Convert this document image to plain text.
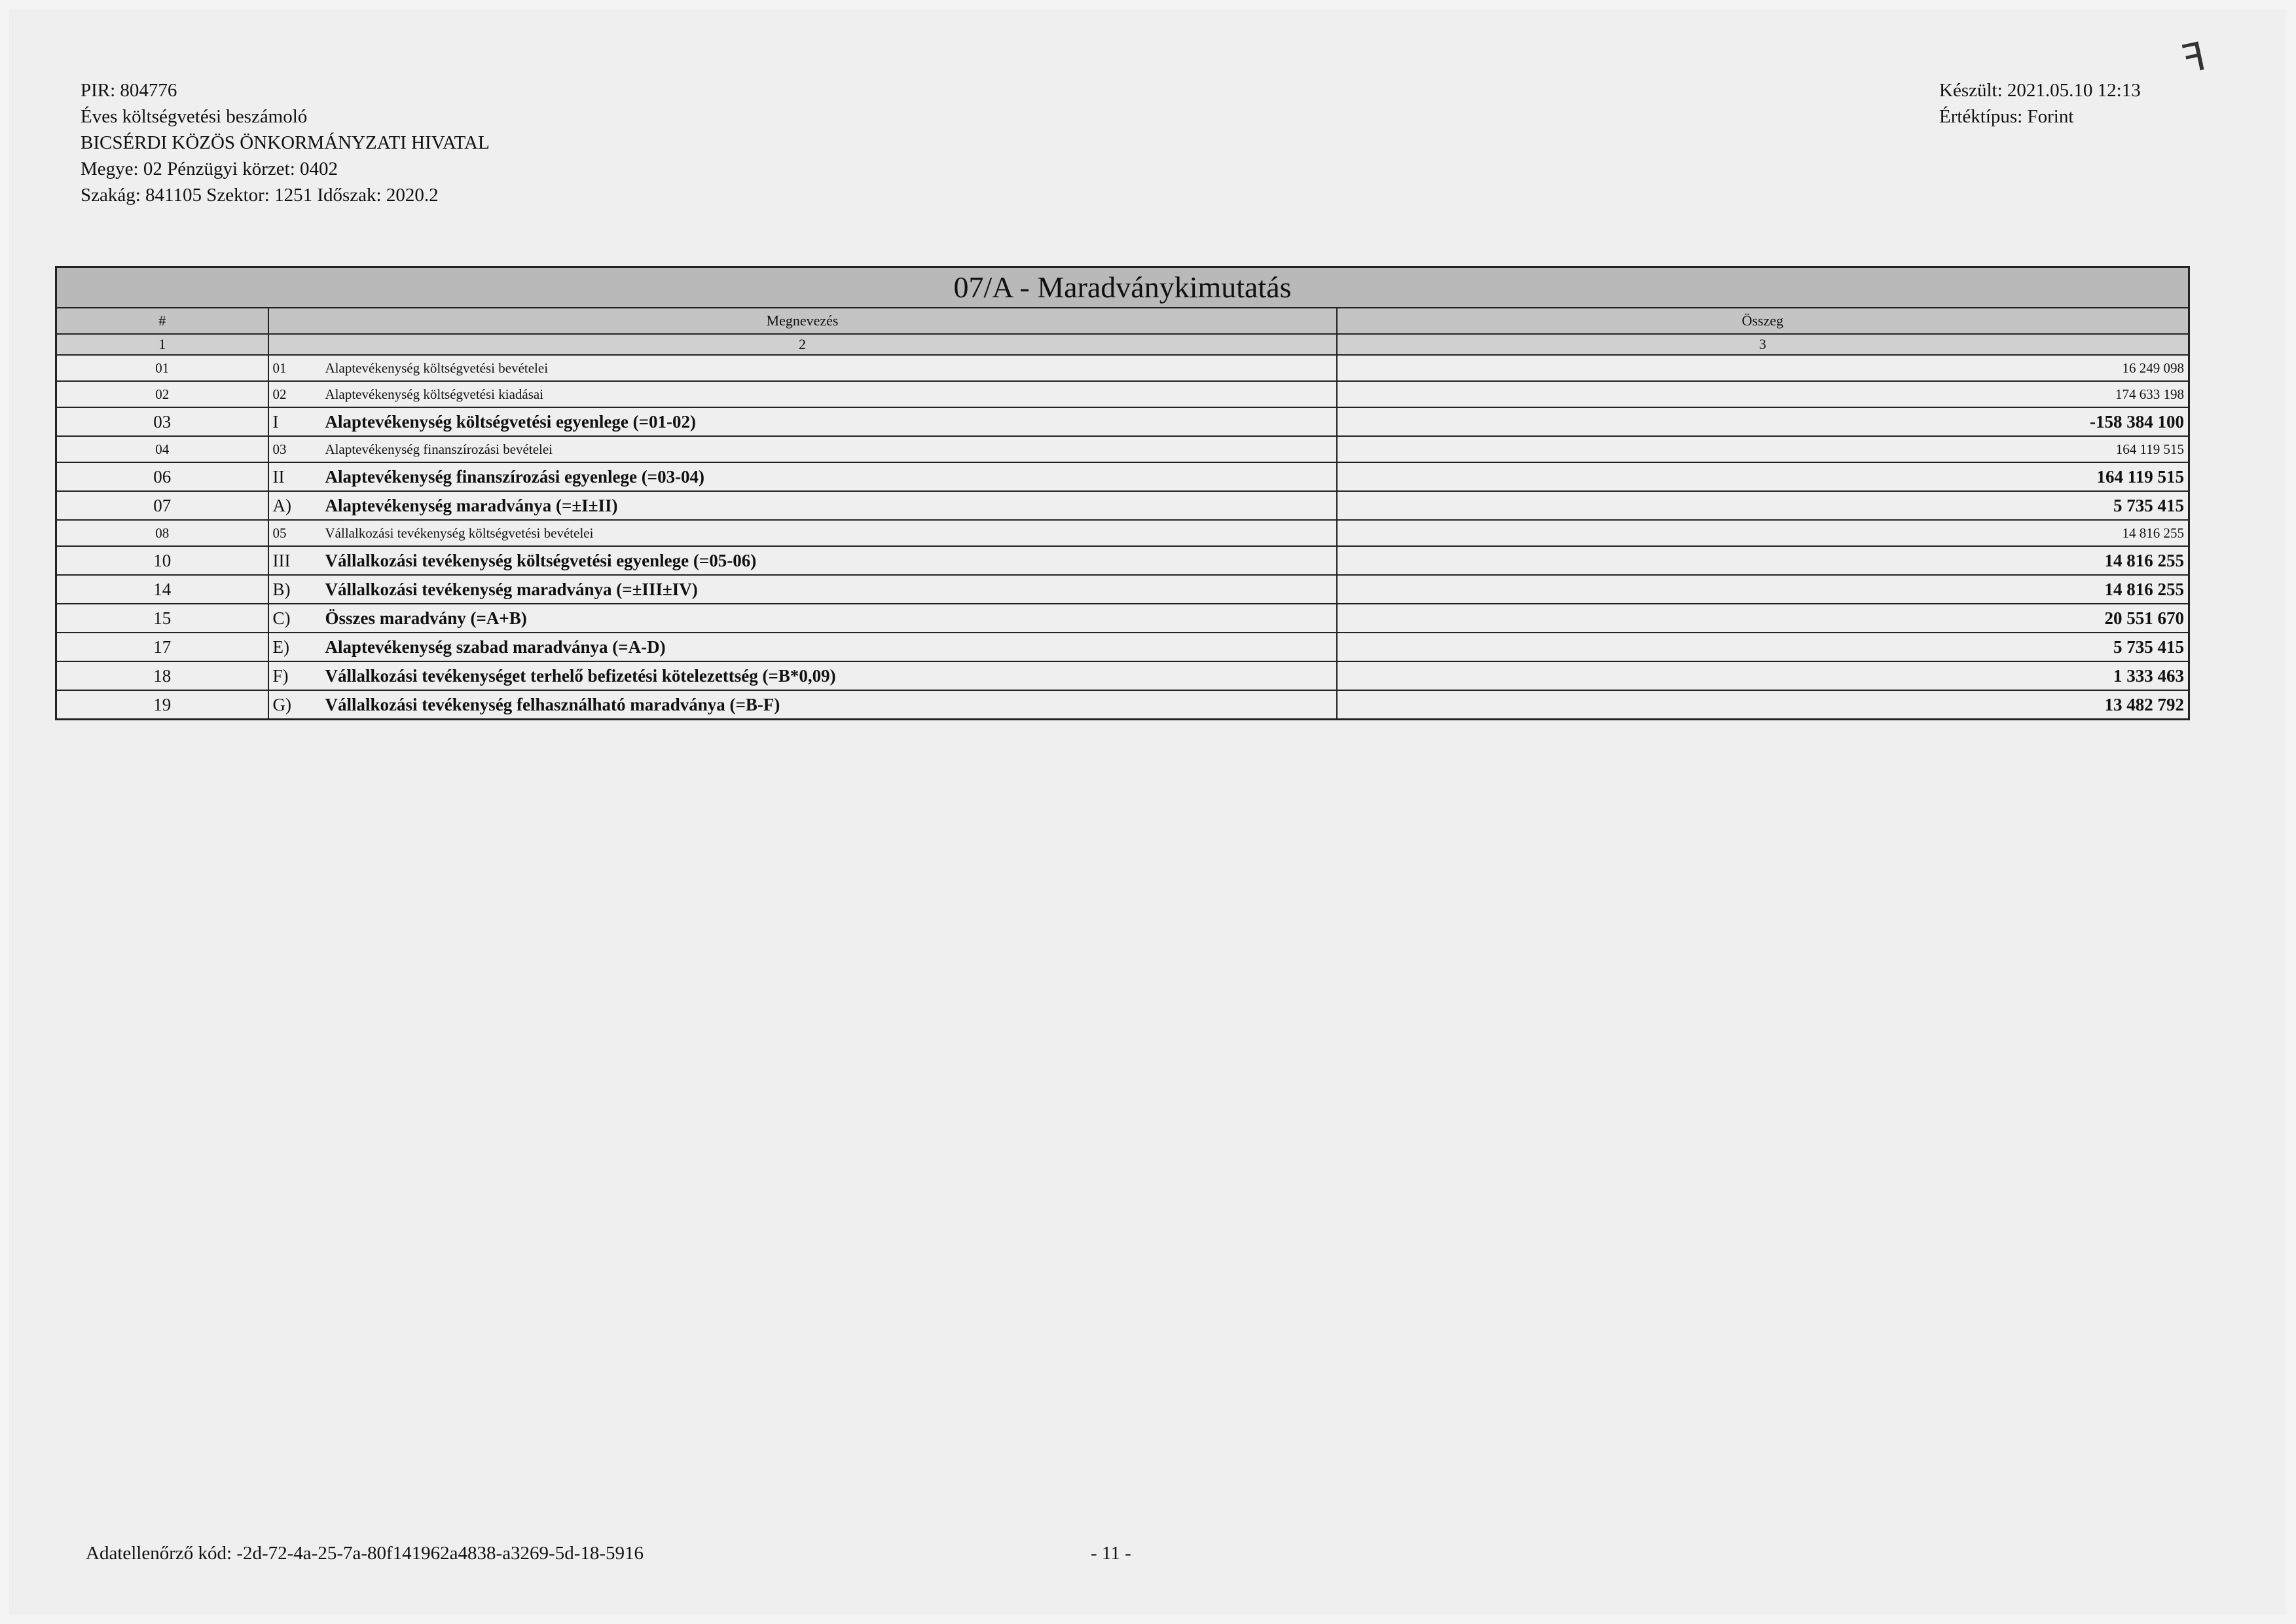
PIR: 804776
Éves költségvetési beszámoló
BICSÉRDI KÖZÖS ÖNKORMÁNYZATI HIVATAL
Megye: 02 Pénzügyi körzet: 0402
Szakág: 841105 Szektor: 1251 Időszak: 2020.2
Készült: 2021.05.10 12:13
Értéktípus: Forint
ꟻ
07/A - Maradványkimutatás		
#	Megnevezés	Összeg
1	2	3
01	01 Alaptevékenység költségvetési bevételei	16 249 098
02	02 Alaptevékenység költségvetési kiadásai	174 633 198
03	I Alaptevékenység költségvetési egyenlege (=01-02)	-158 384 100
04	03 Alaptevékenység finanszírozási bevételei	164 119 515
06	II Alaptevékenység finanszírozási egyenlege (=03-04)	164 119 515
07	A) Alaptevékenység maradványa (=±I±II)	5 735 415
08	05 Vállalkozási tevékenység költségvetési bevételei	14 816 255
10	III Vállalkozási tevékenység költségvetési egyenlege (=05-06)	14 816 255
14	B) Vállalkozási tevékenység maradványa (=±III±IV)	14 816 255
15	C) Összes maradvány (=A+B)	20 551 670
17	E) Alaptevékenység szabad maradványa (=A-D)	5 735 415
18	F) Vállalkozási tevékenységet terhelő befizetési kötelezettség (=B*0,09)	1 333 463
19	G) Vállalkozási tevékenység felhasználható maradványa (=B-F)	13 482 792
Adatellenőrző kód: -2d-72-4a-25-7a-80f141962a4838-a3269-5d-18-5916	- 11 -
